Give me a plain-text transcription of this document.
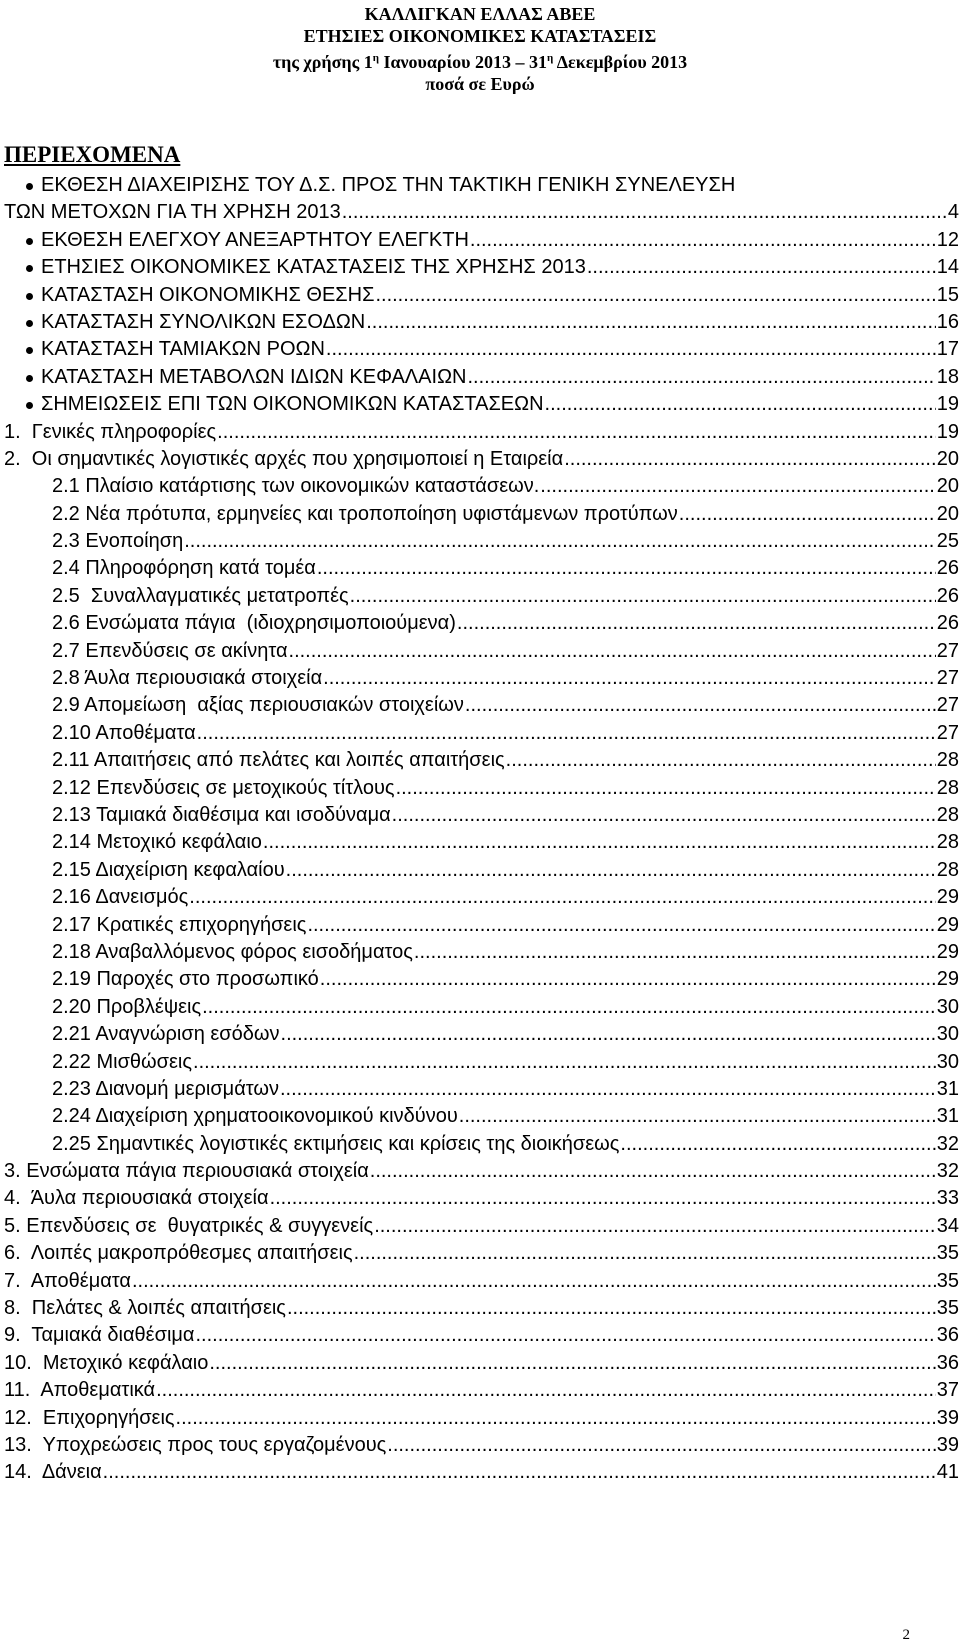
ΚΑΛΛΙΓΚΑΝ ΕΛΛΑΣ ΑΒΕΕ
ΕΤΗΣΙΕΣ ΟΙΚΟΝΟΜΙΚΕΣ ΚΑΤΑΣΤΑΣΕΙΣ
της χρήσης $1^\eta$ Ιανουαρίου $2013 - 31^\eta$ Δεκεμβρίου 2013
ποσά σε Ευρώ
ΠΕΡΙΕΧΟΜΕΝΑ
ΕΚΘΕΣΗ ΔΙΑΧΕΙΡΙΣΗΣ ΤΟΥ Δ.Σ. ΠΡΟΣ ΤΗΝ ΤΑΚΤΙΚΗ ΓΕΝΙΚΗ ΣΥΝΕΛΕΥΣΗ
ΤΩΝ ΜΕΤΟΧΩΝ ΓΙΑ ΤΗ ΧΡΗΣΗ 2013 .....	4
ΕΚΘΕΣΗ ΕΛΕΓΧΟΥ ΑΝΕΞΑΡΤΗΤΟΥ ΕΛΕΓΚΤΗ .....	12
ΕΤΗΣΙΕΣ ΟΙΚΟΝΟΜΙΚΕΣ ΚΑΤΑΣΤΑΣΕΙΣ ΤΗΣ ΧΡΗΣΗΣ 2013 .....	14
ΚΑΤΑΣΤΑΣΗ ΟΙΚΟΝΟΜΙΚΗΣ ΘΕΣΗΣ .....	15
ΚΑΤΑΣΤΑΣΗ ΣΥΝΟΛΙΚΩΝ ΕΣΟΔΩΝ .....	16
ΚΑΤΑΣΤΑΣΗ ΤΑΜΙΑΚΩΝ ΡΟΩΝ .....	17
ΚΑΤΑΣΤΑΣΗ ΜΕΤΑΒΟΛΩΝ ΙΔΙΩΝ ΚΕΦΑΛΑΙΩΝ .....	18
ΣΗΜΕΙΩΣΕΙΣ ΕΠΙ ΤΩΝ ΟΙΚΟΝΟΜΙΚΩΝ ΚΑΤΑΣΤΑΣΕΩΝ .....	19
1.  Γενικές πληροφορίες .....	19
2.  Οι σημαντικές λογιστικές αρχές που χρησιμοποιεί η Εταιρεία .....	20
2.1 Πλαίσιο κατάρτισης των οικονομικών καταστάσεων. .....	20
2.2 Νέα πρότυπα, ερμηνείες και τροποποίηση υφιστάμενων προτύπων .....	20
2.3 Ενοποίηση .....	25
2.4 Πληροφόρηση κατά τομέα .....	26
2.5  Συναλλαγματικές μετατροπές .....	26
2.6 Ενσώματα πάγια  (ιδιοχρησιμοποιούμενα) .....	26
2.7 Επενδύσεις σε ακίνητα .....	27
2.8 Άυλα περιουσιακά στοιχεία .....	27
2.9 Απομείωση  αξίας περιουσιακών στοιχείων .....	27
2.10 Αποθέματα .....	27
2.11 Απαιτήσεις από πελάτες και λοιπές απαιτήσεις .....	28
2.12 Επενδύσεις σε μετοχικούς τίτλους .....	28
2.13 Ταμιακά διαθέσιμα και ισοδύναμα .....	28
2.14 Μετοχικό κεφάλαιο .....	28
2.15 Διαχείριση κεφαλαίου .....	28
2.16 Δανεισμός .....	29
2.17 Κρατικές επιχορηγήσεις .....	29
2.18 Αναβαλλόμενος φόρος εισοδήματος .....	29
2.19 Παροχές στο προσωπικό .....	29
2.20 Προβλέψεις .....	30
2.21 Αναγνώριση εσόδων .....	30
2.22 Μισθώσεις .....	30
2.23 Διανομή μερισμάτων .....	31
2.24 Διαχείριση χρηματοοικονομικού κινδύνου .....	31
2.25 Σημαντικές λογιστικές εκτιμήσεις και κρίσεις της διοικήσεως .....	32
3. Ενσώματα πάγια περιουσιακά στοιχεία .....	32
4.  Άυλα περιουσιακά στοιχεία .....	33
5. Επενδύσεις σε  θυγατρικές & συγγενείς .....	34
6.  Λοιπές μακροπρόθεσμες απαιτήσεις .....	35
7.  Αποθέματα .....	35
8.  Πελάτες & λοιπές απαιτήσεις .....	35
9.  Ταμιακά διαθέσιμα .....	36
10.  Μετοχικό κεφάλαιο .....	36
11.  Αποθεματικά .....	37
12.  Επιχορηγήσεις .....	39
13.  Υποχρεώσεις προς τους εργαζομένους .....	39
14.  Δάνεια .....	41
2
